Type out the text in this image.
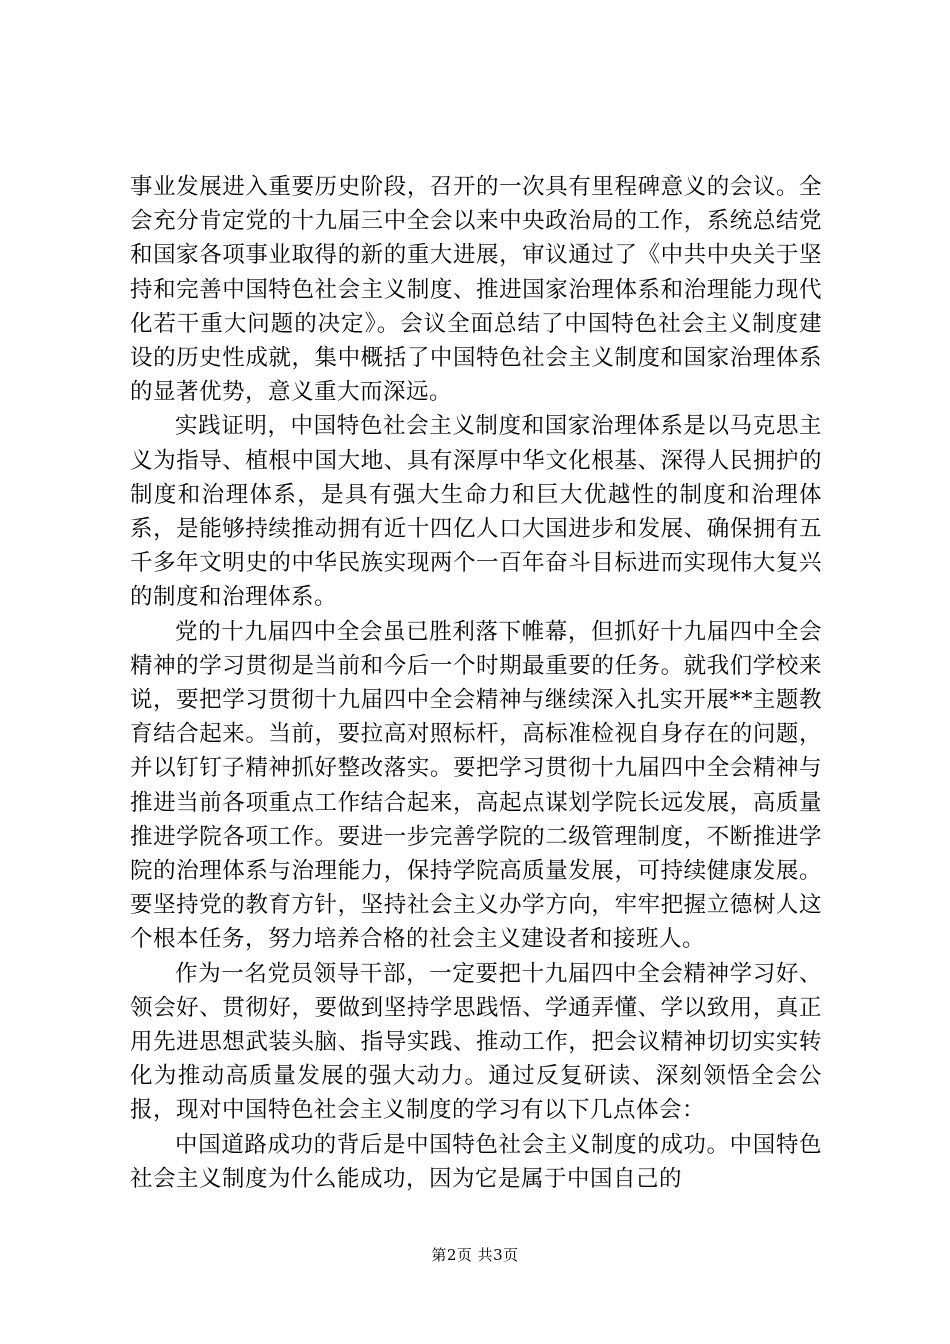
事业发展进入重要历史阶段，召开的一次具有里程碑意义的会议。全会充分肯定党的十九届三中全会以来中央政治局的工作，系统总结党和国家各项事业取得的新的重大进展，审议通过了《中共中央关于坚持和完善中国特色社会主义制度、推进国家治理体系和治理能力现代化若干重大问题的决定》。会议全面总结了中国特色社会主义制度建设的历史性成就，集中概括了中国特色社会主义制度和国家治理体系的显著优势，意义重大而深远。

实践证明，中国特色社会主义制度和国家治理体系是以马克思主义为指导、植根中国大地、具有深厚中华文化根基、深得人民拥护的制度和治理体系，是具有强大生命力和巨大优越性的制度和治理体系，是能够持续推动拥有近十四亿人口大国进步和发展、确保拥有五千多年文明史的中华民族实现两个一百年奋斗目标进而实现伟大复兴的制度和治理体系。

党的十九届四中全会虽已胜利落下帷幕，但抓好十九届四中全会精神的学习贯彻是当前和今后一个时期最重要的任务。就我们学校来说，要把学习贯彻十九届四中全会精神与继续深入扎实开展**主题教育结合起来。当前，要拉高对照标杆，高标准检视自身存在的问题，并以钉钉子精神抓好整改落实。要把学习贯彻十九届四中全会精神与推进当前各项重点工作结合起来，高起点谋划学院长远发展，高质量推进学院各项工作。要进一步完善学院的二级管理制度，不断推进学院的治理体系与治理能力，保持学院高质量发展，可持续健康发展。要坚持党的教育方针，坚持社会主义办学方向，牢牢把握立德树人这个根本任务，努力培养合格的社会主义建设者和接班人。

作为一名党员领导干部，一定要把十九届四中全会精神学习好、领会好、贯彻好，要做到坚持学思践悟、学通弄懂、学以致用，真正用先进思想武装头脑、指导实践、推动工作，把会议精神切切实实转化为推动高质量发展的强大动力。通过反复研读、深刻领悟全会公报，现对中国特色社会主义制度的学习有以下几点体会：

中国道路成功的背后是中国特色社会主义制度的成功。中国特色社会主义制度为什么能成功，因为它是属于中国自己的

第2页 共3页
